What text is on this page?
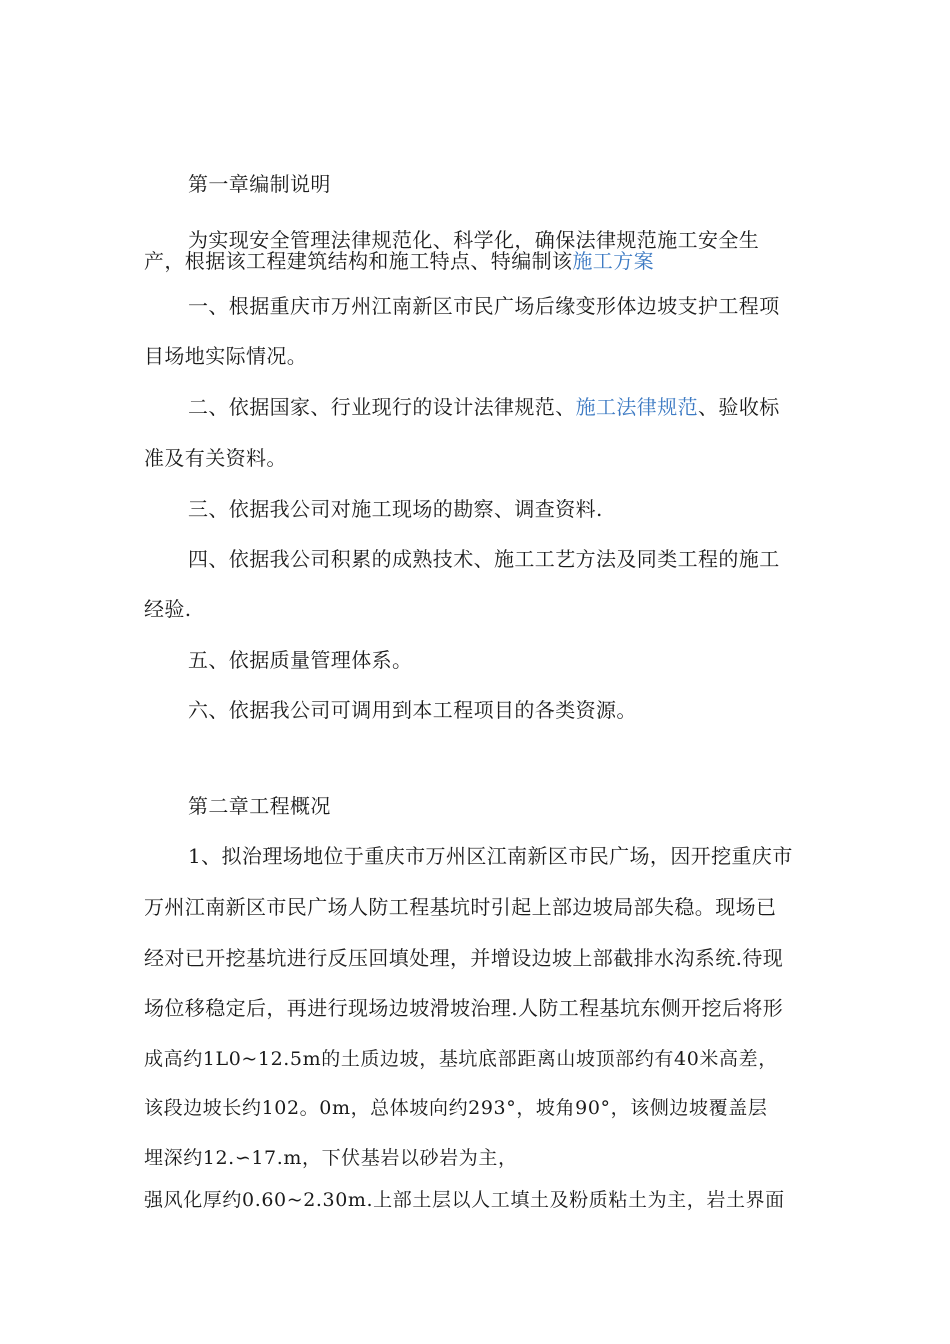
第一章编制说明
为实现安全管理法律规范化、科学化，确保法律规范施工安全生
产，根据该工程建筑结构和施工特点、特编制该施工方案
一、根据重庆市万州江南新区市民广场后缘变形体边坡支护工程项
目场地实际情况。
二、依据国家、行业现行的设计法律规范、施工法律规范、验收标
准及有关资料。
三、依据我公司对施工现场的勘察、调查资料.
四、依据我公司积累的成熟技术、施工工艺方法及同类工程的施工
经验.
五、依据质量管理体系。
六、依据我公司可调用到本工程项目的各类资源。
第二章工程概况
1、拟治理场地位于重庆市万州区江南新区市民广场，因开挖重庆市
万州江南新区市民广场人防工程基坑时引起上部边坡局部失稳。现场已
经对已开挖基坑进行反压回填处理，并增设边坡上部截排水沟系统.待现
场位移稳定后，再进行现场边坡滑坡治理.人防工程基坑东侧开挖后将形
成高约1L0~12.5m的土质边坡，基坑底部距离山坡顶部约有40米高差，
该段边坡长约102。0m，总体坡向约293°，坡角90°，该侧边坡覆盖层
埋深约12.∽17.m，下伏基岩以砂岩为主，
强风化厚约0.60~2.30m.上部土层以人工填土及粉质粘土为主，岩土界面
